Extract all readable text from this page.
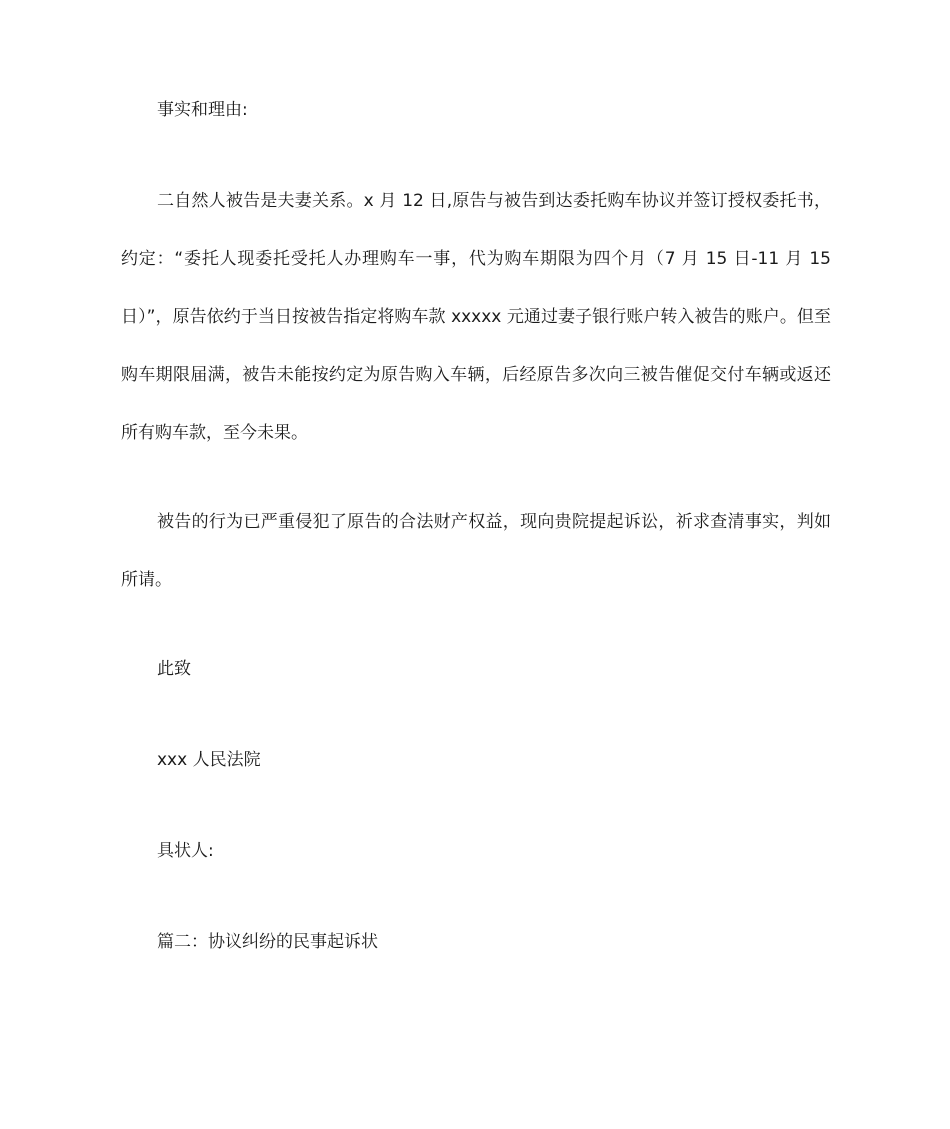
事实和理由:

二自然人被告是夫妻关系。x 月 12 日,原告与被告到达委托购车协议并签订授权委托书，约定：“委托人现委托受托人办理购车一事，代为购车期限为四个月（7 月 15 日-11 月 15 日）”，原告依约于当日按被告指定将购车款 xxxxx 元通过妻子银行账户转入被告的账户。但至购车期限届满，被告未能按约定为原告购入车辆，后经原告多次向三被告催促交付车辆或返还所有购车款，至今未果。

被告的行为已严重侵犯了原告的合法财产权益，现向贵院提起诉讼，祈求查清事实，判如所请。

此致

xxx 人民法院

具状人:

篇二：协议纠纷的民事起诉状
